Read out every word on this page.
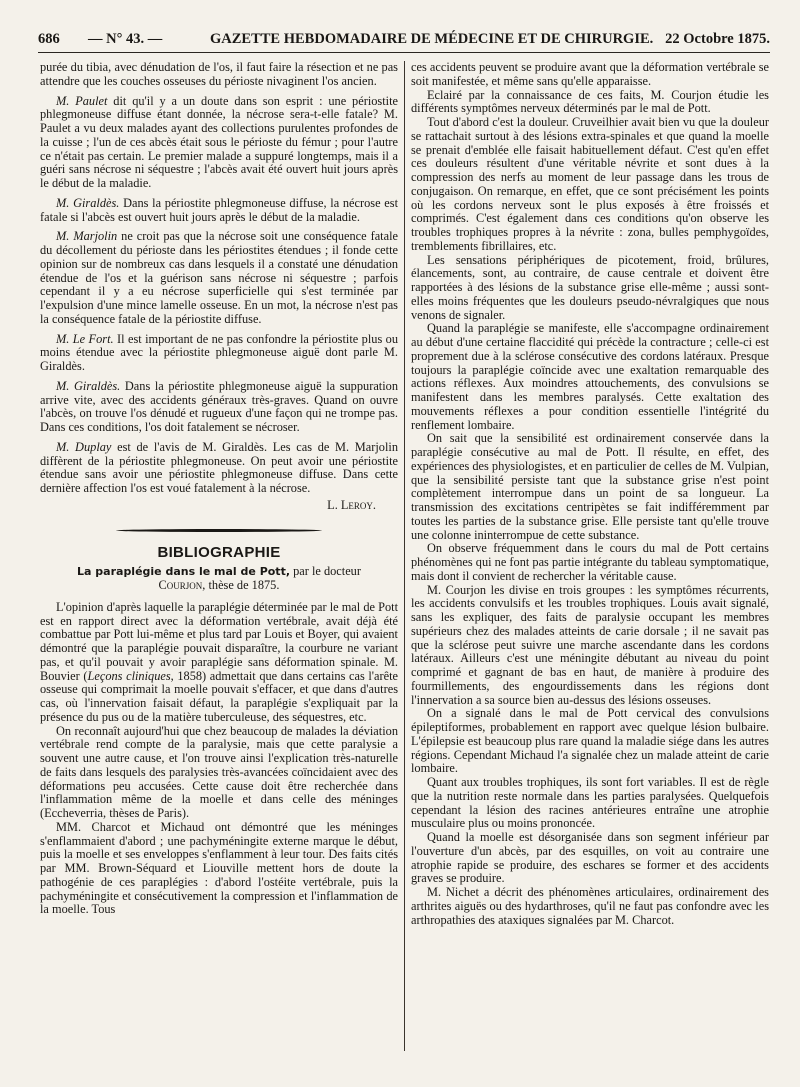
686 — N° 43. —	GAZETTE HEBDOMADAIRE DE MÉDECINE ET DE CHIRURGIE. 22 Octobre 1875.

purée du tibia, avec dénudation de l'os, il faut faire la résection et ne pas attendre que les couches osseuses du périoste nivaginent l'os ancien.

M. Paulet dit qu'il y a un doute dans son esprit : une périostite phlegmoneuse diffuse étant donnée, la nécrose sera-t-elle fatale? M. Paulet a vu deux malades ayant des collections purulentes profondes de la cuisse ; l'un de ces abcès était sous le périoste du fémur ; pour l'autre ce n'était pas certain. Le premier malade a suppuré longtemps, mais il a guéri sans nécrose ni séquestre ; l'abcès avait été ouvert huit jours après le début de la maladie.

M. Giraldès. Dans la périostite phlegmoneuse diffuse, la nécrose est fatale si l'abcès est ouvert huit jours après le début de la maladie.

M. Marjolin ne croit pas que la nécrose soit une conséquence fatale du décollement du périoste dans les périostites étendues ; il fonde cette opinion sur de nombreux cas dans lesquels il a constaté une dénudation étendue de l'os et la guérison sans nécrose ni séquestre ; parfois cependant il y a eu nécrose superficielle qui s'est terminée par l'expulsion d'une mince lamelle osseuse. En un mot, la nécrose n'est pas la conséquence fatale de la périostite diffuse.

M. Le Fort. Il est important de ne pas confondre la périostite plus ou moins étendue avec la périostite phlegmoneuse aiguë dont parle M. Giraldès.

M. Giraldès. Dans la périostite phlegmoneuse aiguë la suppuration arrive vite, avec des accidents généraux très-graves. Quand on ouvre l'abcès, on trouve l'os dénudé et rugueux d'une façon qui ne trompe pas. Dans ces conditions, l'os doit fatalement se nécroser.

M. Duplay est de l'avis de M. Giraldès. Les cas de M. Marjolin diffèrent de la périostite phlegmoneuse. On peut avoir une périostite étendue sans avoir une périostite phlegmoneuse diffuse. Dans cette dernière affection l'os est voué fatalement à la nécrose.

L. Leroy.
BIBLIOGRAPHIE

La paraplégie dans le mal de Pott, par le docteur
Courjon, thèse de 1875.

L'opinion d'après laquelle la paraplégie déterminée par le mal de Pott est en rapport direct avec la déformation vertébrale, avait déjà été combattue par Pott lui-même et plus tard par Louis et Boyer, qui avaient démontré que la paraplégie pouvait disparaître, la courbure ne variant pas, et qu'il pouvait y avoir paraplégie sans déformation spinale. M. Bouvier (Leçons cliniques, 1858) admettait que dans certains cas l'arête osseuse qui comprimait la moelle pouvait s'effacer, et que dans d'autres cas, où l'innervation faisait défaut, la paraplégie s'expliquait par la présence du pus ou de la matière tuberculeuse, des séquestres, etc.

On reconnaît aujourd'hui que chez beaucoup de malades la déviation vertébrale rend compte de la paralysie, mais que cette paralysie a souvent une autre cause, et l'on trouve ainsi l'explication très-naturelle de faits dans lesquels des paralysies très-avancées coïncidaient avec des déformations peu accusées. Cette cause doit être recherchée dans l'inflammation même de la moelle et dans celle des méninges (Eccheverria, thèses de Paris).

MM. Charcot et Michaud ont démontré que les méninges s'enflammaient d'abord ; une pachyméningite externe marque le début, puis la moelle et ses enveloppes s'enflamment à leur tour. Des faits cités par MM. Brown-Séquard et Liouville mettent hors de doute la pathogénie de ces paraplégies : d'abord l'ostéite vertébrale, puis la pachyméningite et consécutivement la compression et l'inflammation de la moelle. Tous

ces accidents peuvent se produire avant que la déformation vertébrale se soit manifestée, et même sans qu'elle apparaisse.

Eclairé par la connaissance de ces faits, M. Courjon étudie les différents symptômes nerveux déterminés par le mal de Pott.

Tout d'abord c'est la douleur. Cruveilhier avait bien vu que la douleur se rattachait surtout à des lésions extra-spinales et que quand la moelle se prenait d'emblée elle faisait habituellement défaut. C'est qu'en effet ces douleurs résultent d'une véritable névrite et sont dues à la compression des nerfs au moment de leur passage dans les trous de conjugaison. On remarque, en effet, que ce sont précisément les points où les cordons nerveux sont le plus exposés à être froissés et comprimés. C'est également dans ces conditions qu'on observe les troubles trophiques propres à la névrite : zona, bulles pemphygoïdes, tremblements fibrillaires, etc.

Les sensations périphériques de picotement, froid, brûlures, élancements, sont, au contraire, de cause centrale et doivent être rapportées à des lésions de la substance grise elle-même ; aussi sont-elles moins fréquentes que les douleurs pseudo-névralgiques que nous venons de signaler.

Quand la paraplégie se manifeste, elle s'accompagne ordinairement au début d'une certaine flaccidité qui précède la contracture ; celle-ci est proprement due à la sclérose consécutive des cordons latéraux. Presque toujours la paraplégie coïncide avec une exaltation remarquable des actions réflexes. Aux moindres attouchements, des convulsions se manifestent dans les membres paralysés. Cette exaltation des mouvements réflexes a pour condition essentielle l'intégrité du renflement lombaire.

On sait que la sensibilité est ordinairement conservée dans la paraplégie consécutive au mal de Pott. Il résulte, en effet, des expériences des physiologistes, et en particulier de celles de M. Vulpian, que la sensibilité persiste tant que la substance grise n'est point complètement interrompue dans un point de sa longueur. La transmission des excitations centripètes se fait indifféremment par toutes les parties de la substance grise. Elle persiste tant qu'elle trouve une colonne ininterrompue de cette substance.

On observe fréquemment dans le cours du mal de Pott certains phénomènes qui ne font pas partie intégrante du tableau symptomatique, mais dont il convient de rechercher la véritable cause.

M. Courjon les divise en trois groupes : les symptômes récurrents, les accidents convulsifs et les troubles trophiques. Louis avait signalé, sans les expliquer, des faits de paralysie occupant les membres supérieurs chez des malades atteints de carie dorsale ; il ne savait pas que la sclérose peut suivre une marche ascendante dans les cordons latéraux. Ailleurs c'est une méningite débutant au niveau du point comprimé et gagnant de bas en haut, de manière à produire des fourmillements, des engourdissements dans les régions dont l'innervation a sa source bien au-dessus des lésions osseuses.

On a signalé dans le mal de Pott cervical des convulsions épileptiformes, probablement en rapport avec quelque lésion bulbaire. L'épilepsie est beaucoup plus rare quand la maladie siége dans les autres régions. Cependant Michaud l'a signalée chez un malade atteint de carie lombaire.

Quant aux troubles trophiques, ils sont fort variables. Il est de règle que la nutrition reste normale dans les parties paralysées. Quelquefois cependant la lésion des racines antérieures entraîne une atrophie musculaire plus ou moins prononcée.

Quand la moelle est désorganisée dans son segment inférieur par l'ouverture d'un abcès, par des esquilles, on voit au contraire une atrophie rapide se produire, des eschares se former et des accidents graves se produire.

M. Nichet a décrit des phénomènes articulaires, ordinairement des arthrites aiguës ou des hydarthroses, qu'il ne faut pas confondre avec les arthropathies des ataxiques signalées par M. Charcot.
